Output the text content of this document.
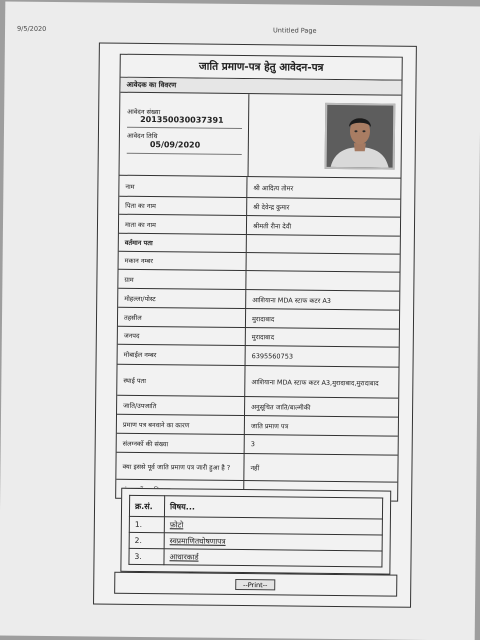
9/5/2020	Untitled Page
जाति प्रमाण-पत्र हेतु आवेदन-पत्र
आवेदक का विवरण
आवेदन संख्या
201350030037391
आवेदन तिथि
05/09/2020
नाम	श्री आदित्य तोमर
पिता का नाम	श्री देवेन्द्र कुमार
माता का नाम	श्रीमती रीना देवी
वर्तमान पता
मकान नम्बर
ग्राम
मोहल्ला/पोस्ट	आशियाना MDA स्टाफ कटर A3
तहसील	मुरादाबाद
जनपद	मुरादाबाद
मोबाईल नम्बर	6395560753
स्थाई पता	आशियाना MDA स्टाफ कटर A3,मुरादाबाद,मुरादाबाद
जाति/उपजाति	अनुसूचित जाति/बाल्मीकी
प्रमाण पत्र बनवाने का कारण	जाति प्रमाण पत्र
संलग्नकों की संख्या	3
क्या इससे पूर्व जाति प्रमाण पत्र जारी हुआ है ?	नहीं
क्र.सं.	विषय...
1.	फ़ोटो
2.	स्वप्रमाणितघोषणापत्र
3.	आधारकार्ड
--Print--
